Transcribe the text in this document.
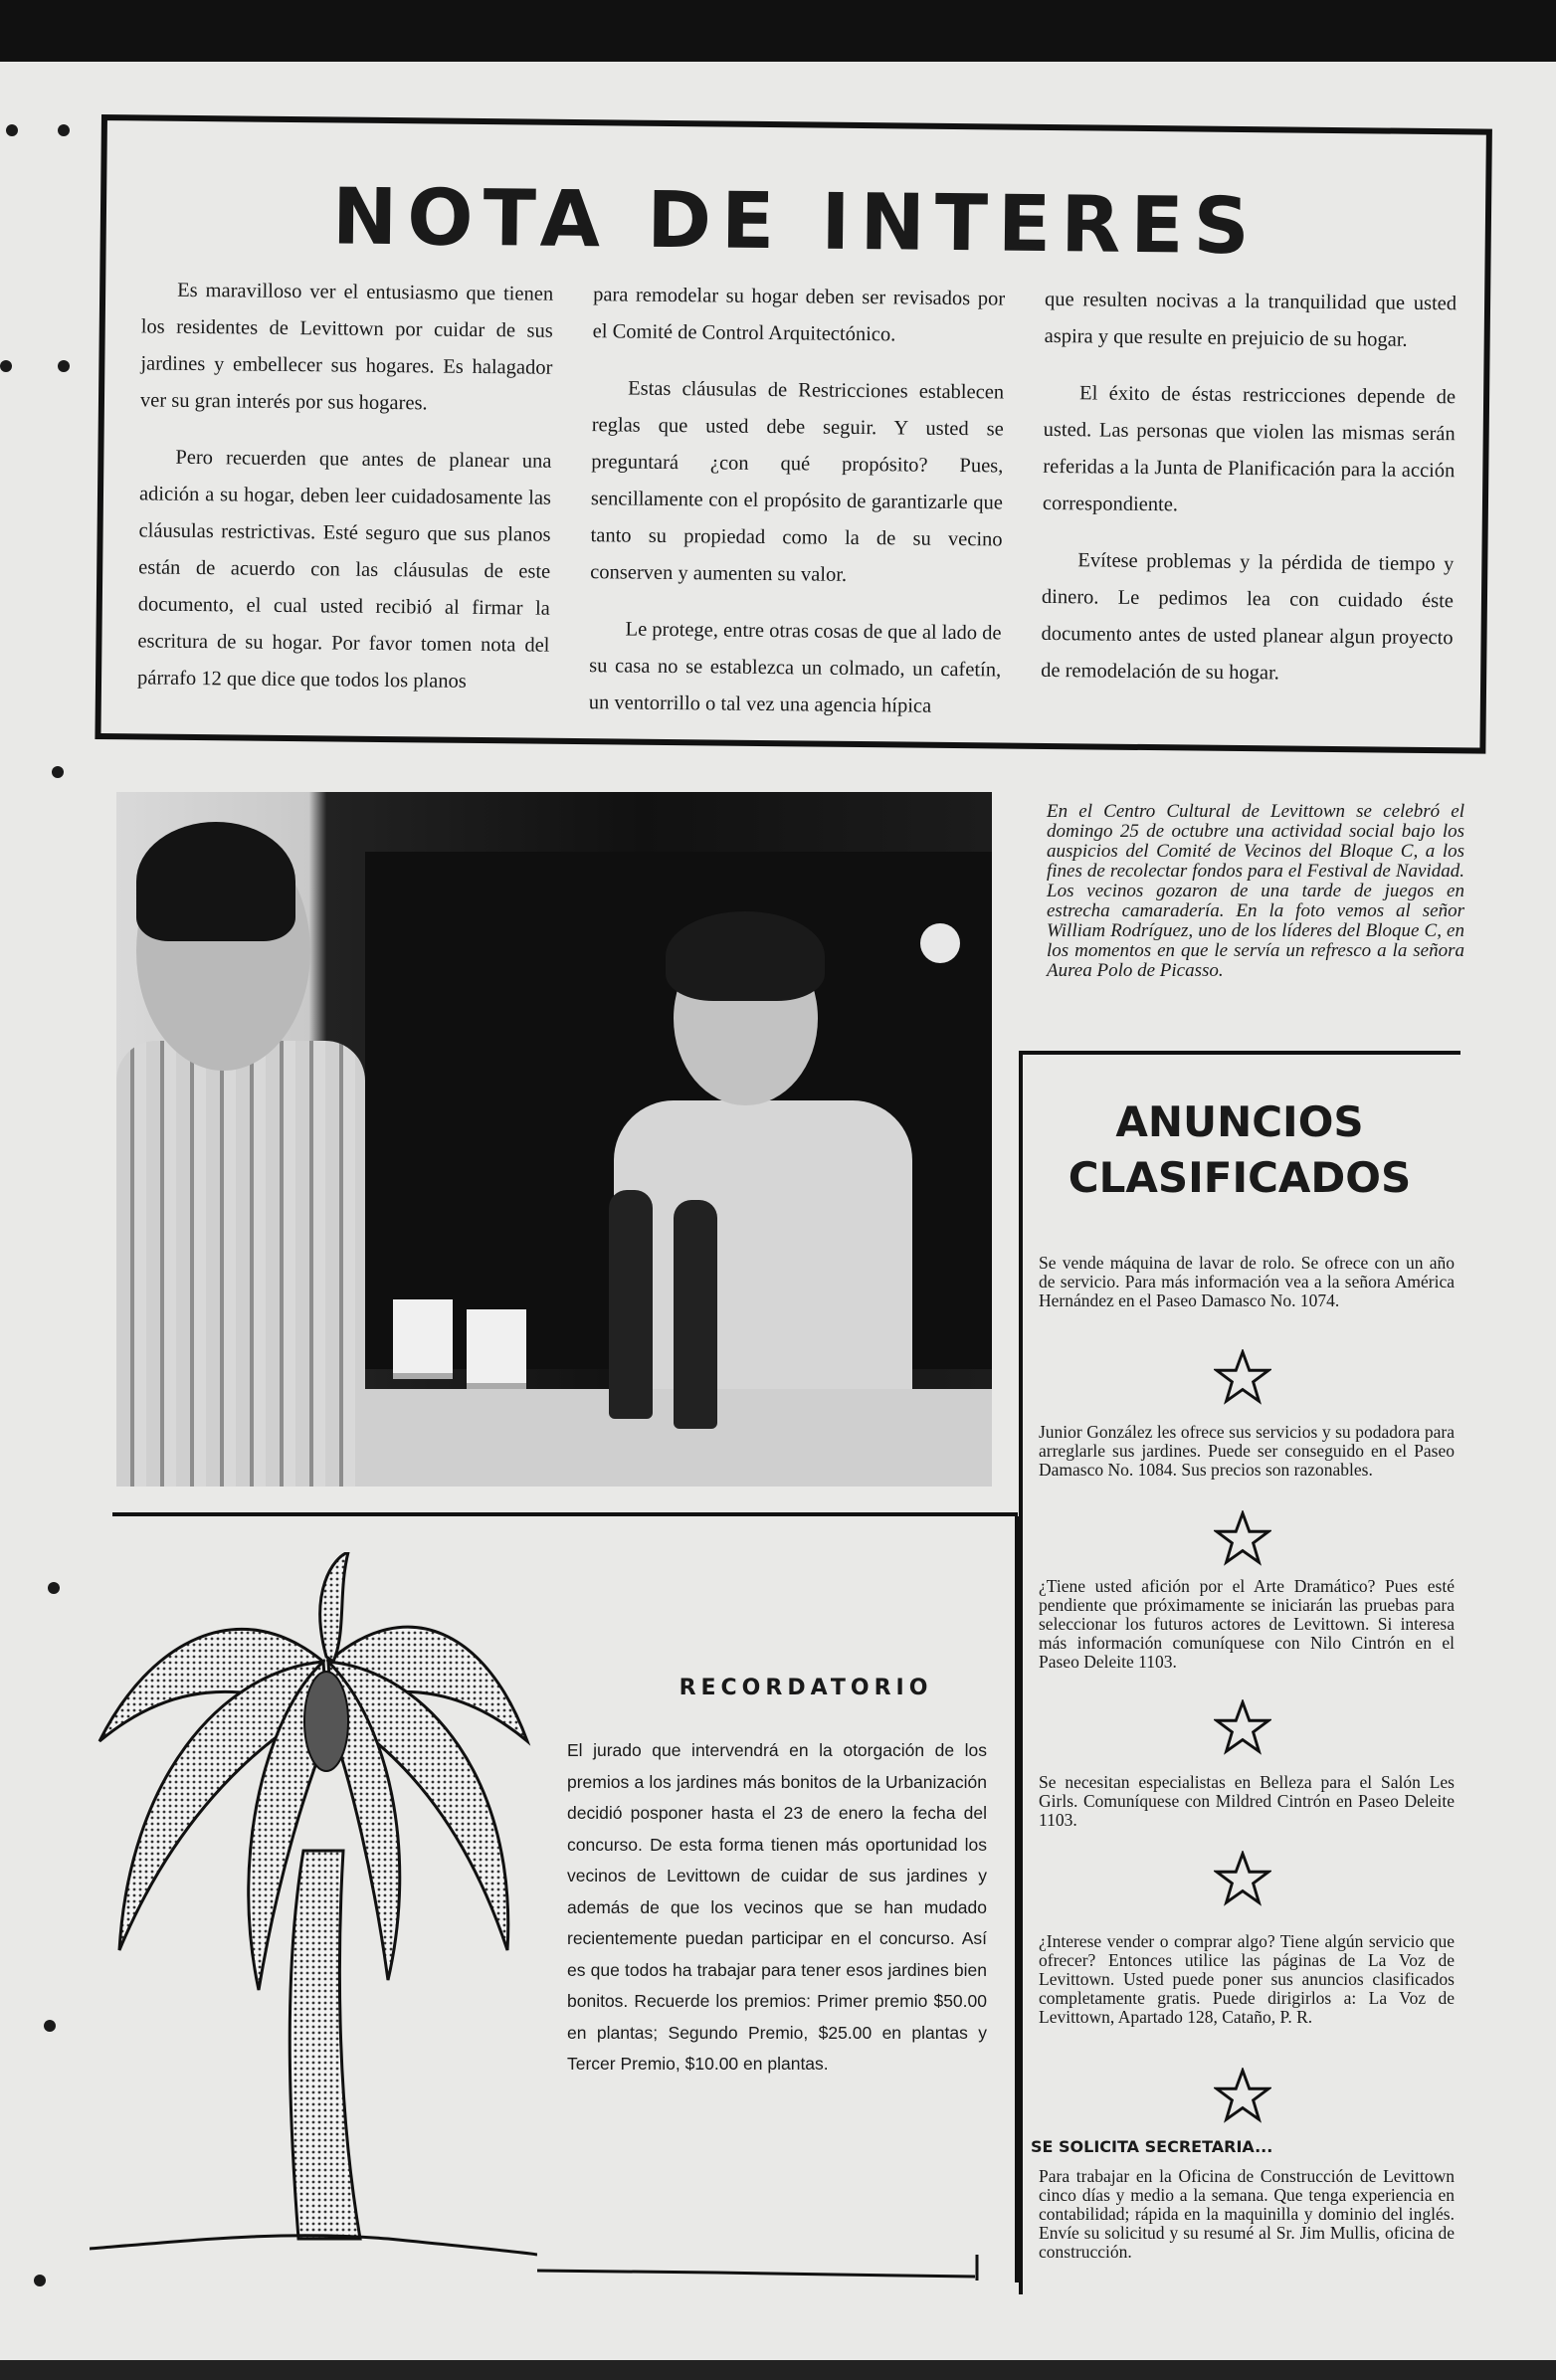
NOTA DE INTERES

Es maravilloso ver el entusiasmo que tienen los residentes de Levittown por cuidar de sus jardines y embellecer sus hogares. Es halagador ver su gran interés por sus hogares.

Pero recuerden que antes de planear una adición a su hogar, deben leer cuidadosamente las cláusulas restrictivas. Esté seguro que sus planos están de acuerdo con las cláusulas de este documento, el cual usted recibió al firmar la escritura de su hogar. Por favor tomen nota del párrafo 12 que dice que todos los planos

para remodelar su hogar deben ser revisados por el Comité de Control Arquitectónico.

Estas cláusulas de Restricciones establecen reglas que usted debe seguir. Y usted se preguntará ¿con qué propósito? Pues, sencillamente con el propósito de garantizarle que tanto su propiedad como la de su vecino conserven y aumenten su valor.

Le protege, entre otras cosas de que al lado de su casa no se establezca un colmado, un cafetín, un ventorrillo o tal vez una agencia hípica

que resulten nocivas a la tranquilidad que usted aspira y que resulte en prejuicio de su hogar.

El éxito de éstas restricciones depende de usted. Las personas que violen las mismas serán referidas a la Junta de Planificación para la acción correspondiente.

Evítese problemas y la pérdida de tiempo y dinero. Le pedimos lea con cuidado éste documento antes de usted planear algun proyecto de remodelación de su hogar.

En el Centro Cultural de Levittown se celebró el domingo 25 de octubre una actividad social bajo los auspicios del Comité de Vecinos del Bloque C, a los fines de recolectar fondos para el Festival de Navidad. Los vecinos gozaron de una tarde de juegos en estrecha camaradería. En la foto vemos al señor William Rodríguez, uno de los líderes del Bloque C, en los momentos en que le servía un refresco a la señora Aurea Polo de Picasso.

ANUNCIOS
CLASIFICADOS

Se vende máquina de lavar de rolo. Se ofrece con un año de servicio. Para más información vea a la señora América Hernández en el Paseo Damasco No. 1074.

Junior González les ofrece sus servicios y su podadora para arreglarle sus jardines. Puede ser conseguido en el Paseo Damasco No. 1084. Sus precios son razonables.

¿Tiene usted afición por el Arte Dramático? Pues esté pendiente que próximamente se iniciarán las pruebas para seleccionar los futuros actores de Levittown. Si interesa más información comuníquese con Nilo Cintrón en el Paseo Deleite 1103.

Se necesitan especialistas en Belleza para el Salón Les Girls. Comuníquese con Mildred Cintrón en Paseo Deleite 1103.

¿Interese vender o comprar algo? Tiene algún servicio que ofrecer? Entonces utilice las páginas de La Voz de Levittown. Usted puede poner sus anuncios clasificados completamente gratis. Puede dirigirlos a: La Voz de Levittown, Apartado 128, Cataño, P. R.

SE SOLICITA SECRETARIA...

Para trabajar en la Oficina de Construcción de Levittown cinco días y medio a la semana. Que tenga experiencia en contabilidad; rápida en la maquinilla y dominio del inglés. Envíe su solicitud y su resumé al Sr. Jim Mullis, oficina de construcción.

RECORDATORIO

El jurado que intervendrá en la otorgación de los premios a los jardines más bonitos de la Urbanización decidió posponer hasta el 23 de enero la fecha del concurso. De esta forma tienen más oportunidad los vecinos de Levittown de cuidar de sus jardines y además de que los vecinos que se han mudado recientemente puedan participar en el concurso. Así es que todos ha trabajar para tener esos jardines bien bonitos. Recuerde los premios: Primer premio $50.00 en plantas; Segundo Premio, $25.00 en plantas y Tercer Premio, $10.00 en plantas.
